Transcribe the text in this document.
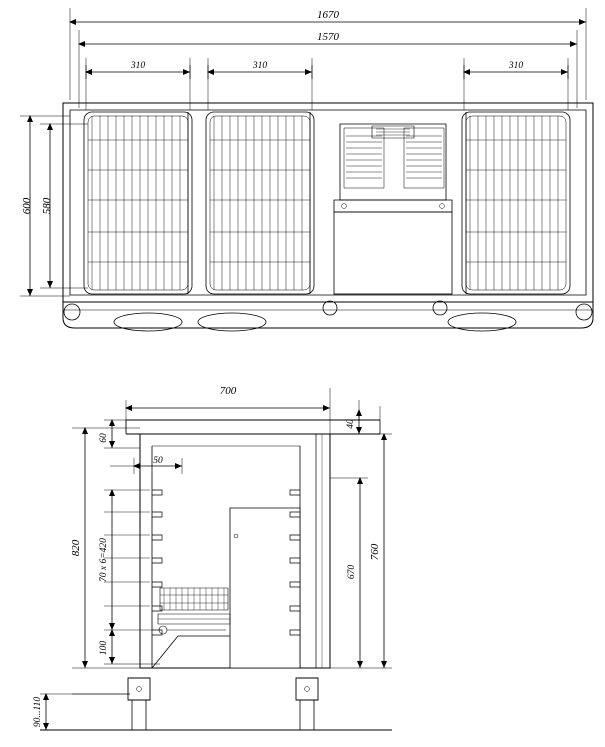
1670
1570
310	310	310
600 580
700
40
60
50
820 70 x 6=420
100
90...110
760
670
